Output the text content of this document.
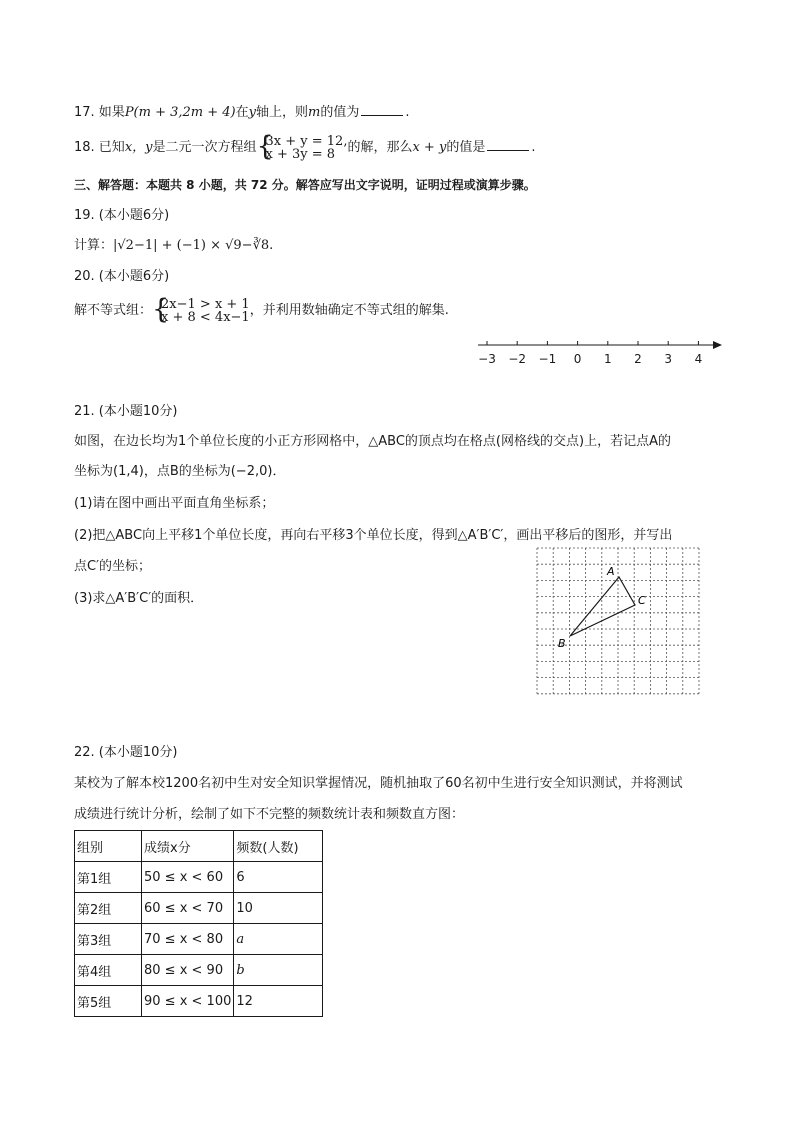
17. 如果P(m + 3,2m + 4)在y轴上，则m的值为	.
18. 已知x，y是二元一次方程组 {
3x + y = 12,
x + 3y = 8 的解，那么x + y的值是	.
三、解答题：本题共 8 小题，共 72 分。解答应写出文字说明，证明过程或演算步骤。
19. (本小题6分)
计算：|√2−1| + (−1) × √9−∛8.
20. (本小题6分)
解不等式组： {
2x−1 > x + 1
x + 8 < 4x−1 ，并利用数轴确定不等式组的解集.
−3 −2 −1 0 1 2 3 4
21. (本小题10分)
如图，在边长均为1个单位长度的小正方形网格中，△ABC的顶点均在格点(网格线的交点)上，若记点A的
坐标为(1,4)，点B的坐标为(−2,0)．
(1)请在图中画出平面直角坐标系；
(2)把△ABC向上平移1个单位长度，再向右平移3个单位长度，得到△A′B′C′，画出平移后的图形，并写出
点C′的坐标；
(3)求△A′B′C′的面积．
A
C
B
22. (本小题10分)
某校为了解本校1200名初中生对安全知识掌握情况，随机抽取了60名初中生进行安全知识测试，并将测试
成绩进行统计分析，绘制了如下不完整的频数统计表和频数直方图：
组别	成绩x分	频数(人数)
第1组	50 ≤ x < 60	6
第2组	60 ≤ x < 70	10
第3组	70 ≤ x < 80	a
第4组	80 ≤ x < 90	b
第5组	90 ≤ x < 100	12
